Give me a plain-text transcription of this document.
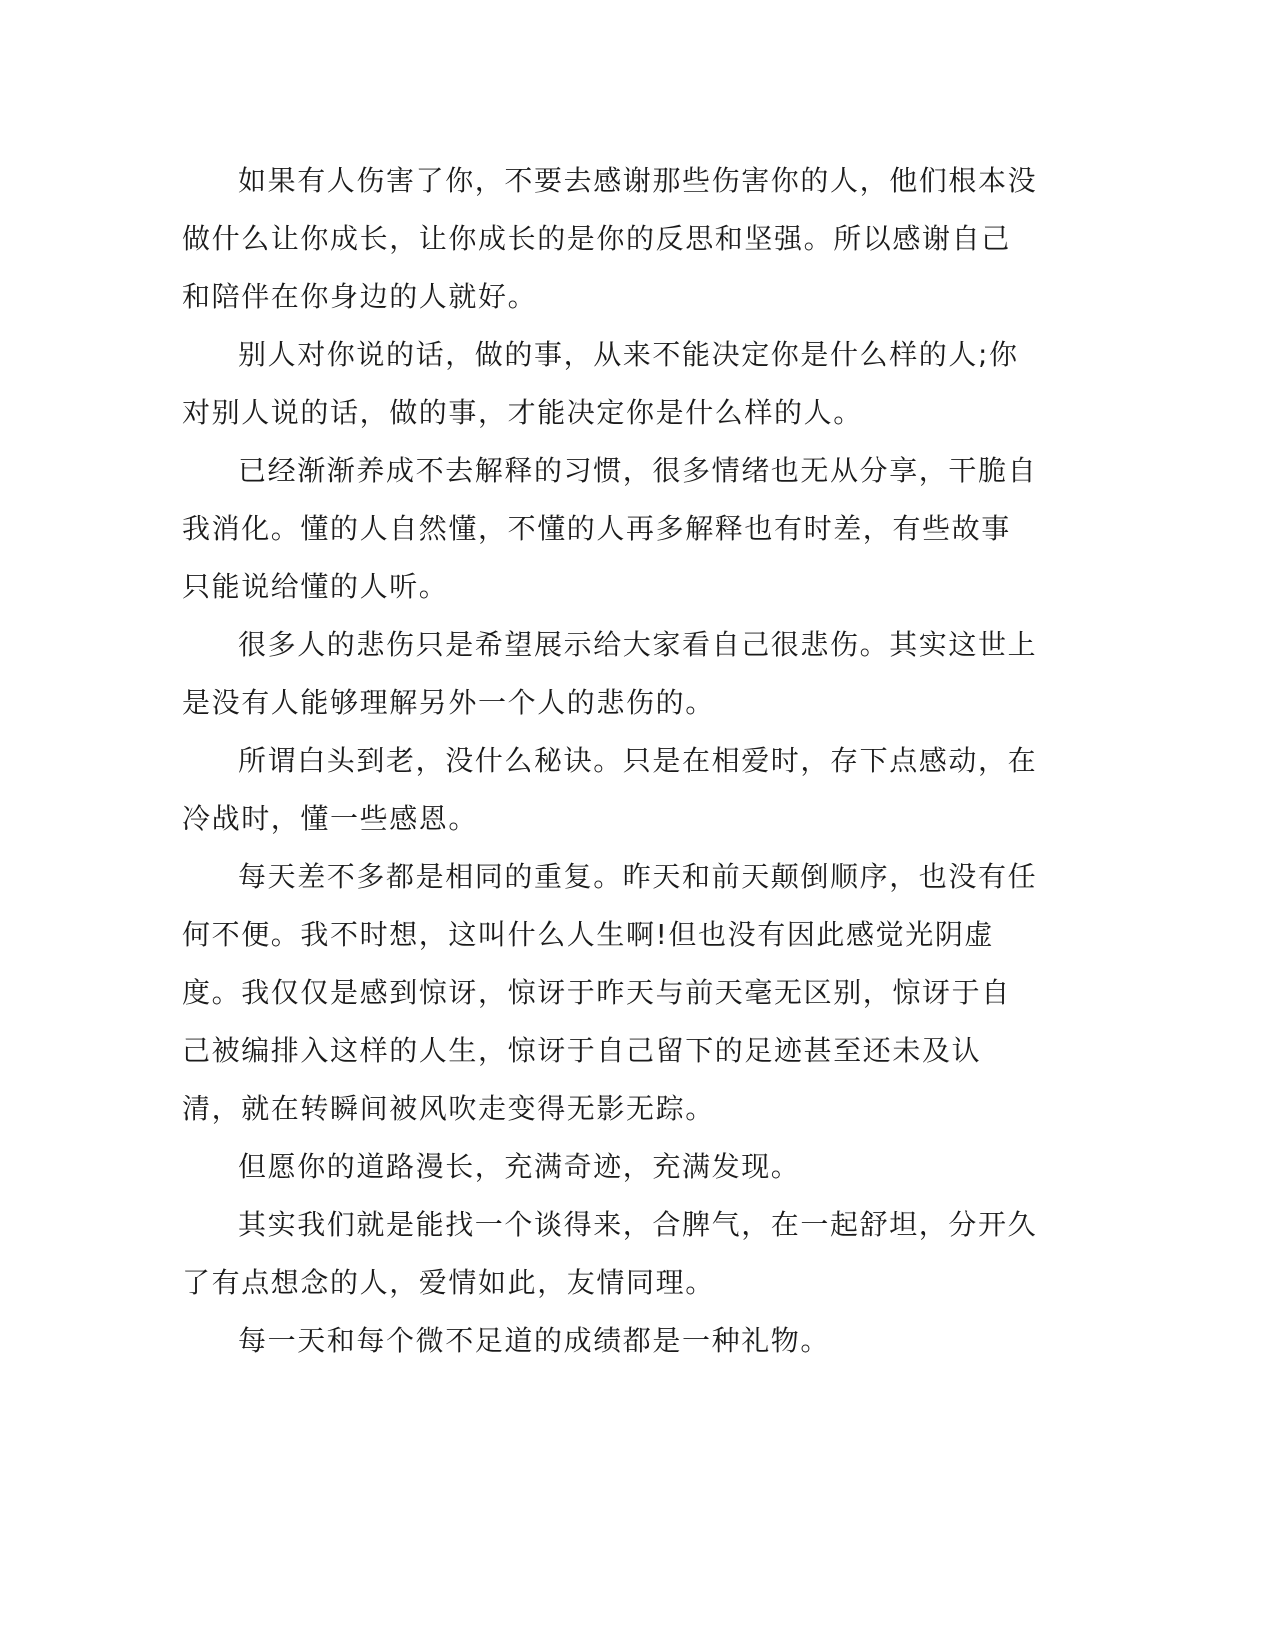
如果有人伤害了你，不要去感谢那些伤害你的人，他们根本没做什么让你成长，让你成长的是你的反思和坚强。所以感谢自己和陪伴在你身边的人就好。

别人对你说的话，做的事，从来不能决定你是什么样的人;你对别人说的话，做的事，才能决定你是什么样的人。

已经渐渐养成不去解释的习惯，很多情绪也无从分享，干脆自我消化。懂的人自然懂，不懂的人再多解释也有时差，有些故事只能说给懂的人听。

很多人的悲伤只是希望展示给大家看自己很悲伤。其实这世上是没有人能够理解另外一个人的悲伤的。

所谓白头到老，没什么秘诀。只是在相爱时，存下点感动，在冷战时，懂一些感恩。

每天差不多都是相同的重复。昨天和前天颠倒顺序，也没有任何不便。我不时想，这叫什么人生啊!但也没有因此感觉光阴虚度。我仅仅是感到惊讶，惊讶于昨天与前天毫无区别，惊讶于自己被编排入这样的人生，惊讶于自己留下的足迹甚至还未及认清，就在转瞬间被风吹走变得无影无踪。

但愿你的道路漫长，充满奇迹，充满发现。

其实我们就是能找一个谈得来，合脾气，在一起舒坦，分开久了有点想念的人，爱情如此，友情同理。

每一天和每个微不足道的成绩都是一种礼物。
